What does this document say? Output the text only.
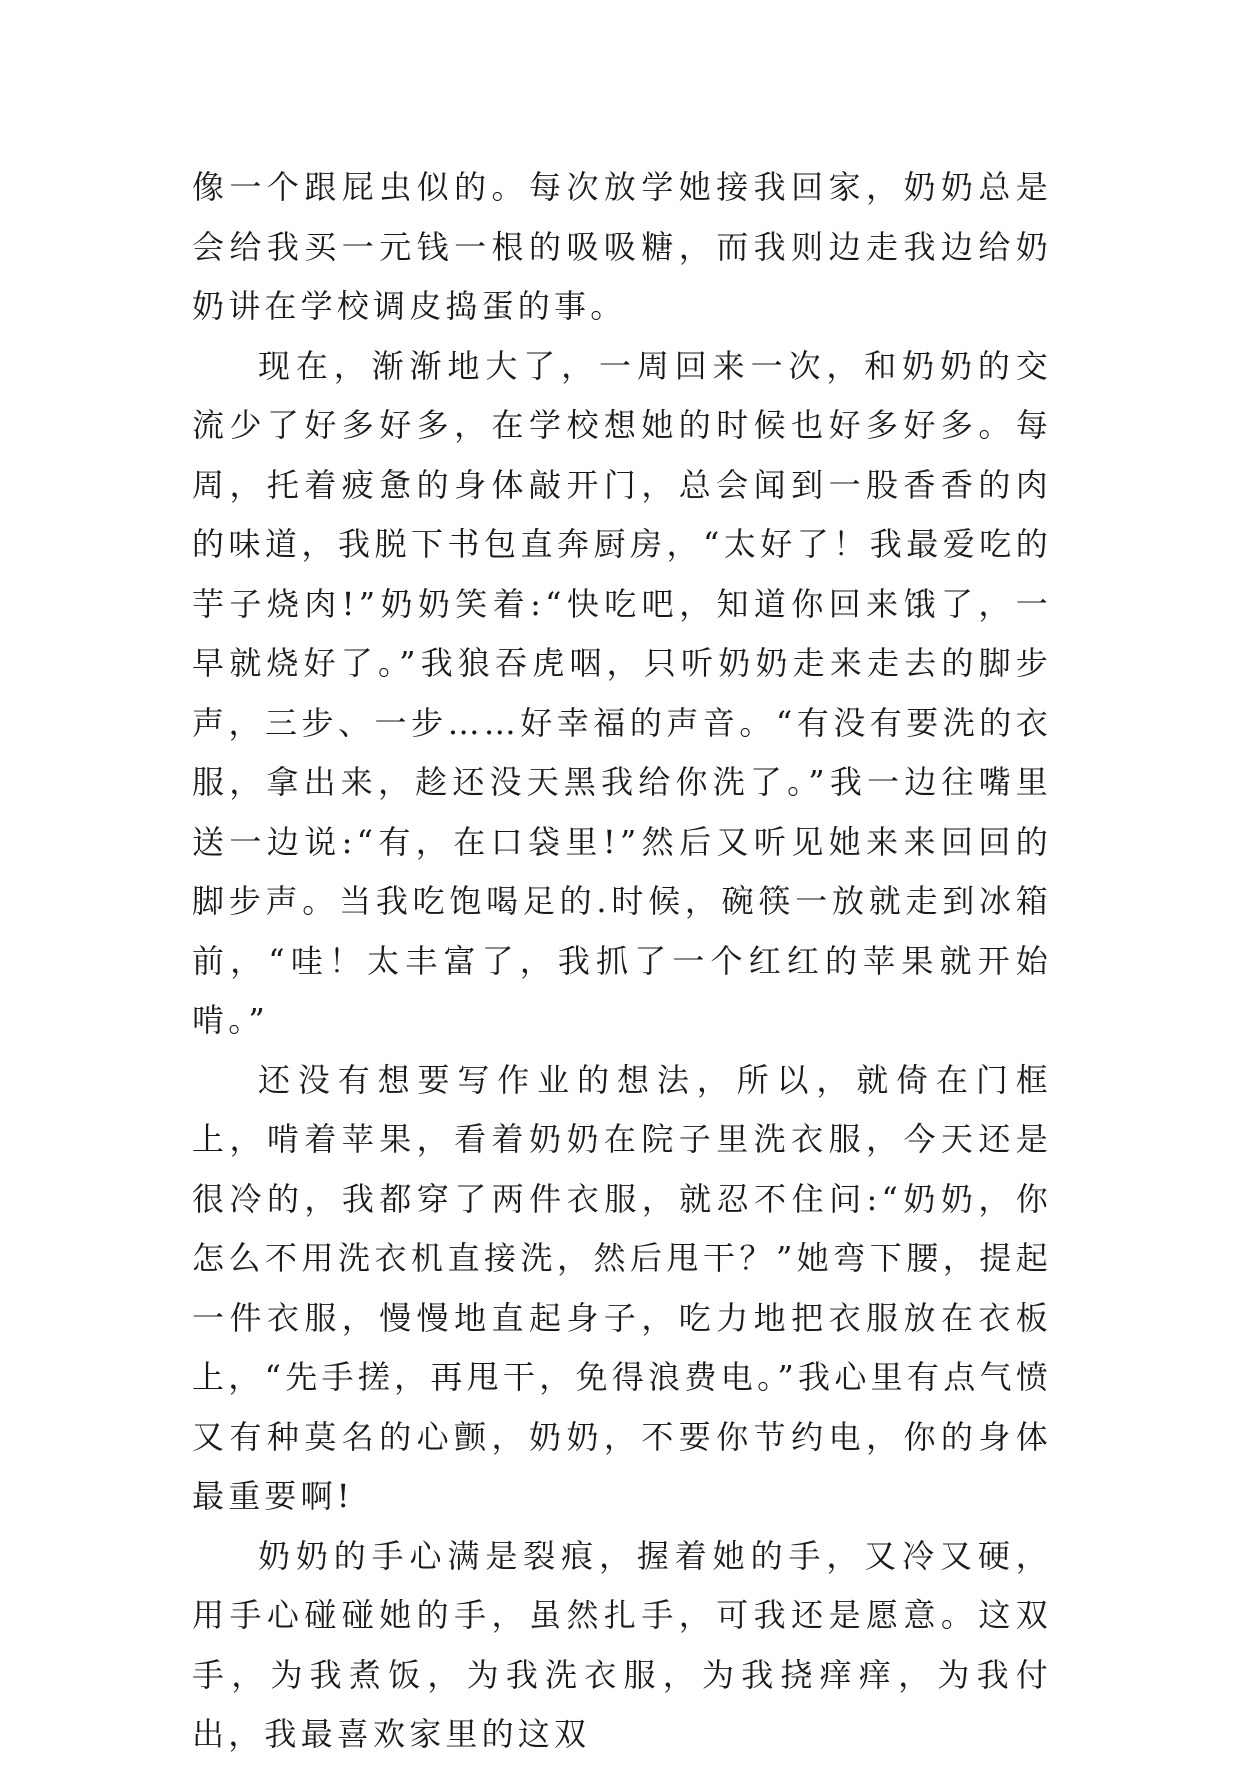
像一个跟屁虫似的。每次放学她接我回家，奶奶总是会给我买一元钱一根的吸吸糖，而我则边走我边给奶奶讲在学校调皮捣蛋的事。

现在，渐渐地大了，一周回来一次，和奶奶的交流少了好多好多，在学校想她的时候也好多好多。每周，托着疲惫的身体敲开门，总会闻到一股香香的肉的味道，我脱下书包直奔厨房，“太好了！我最爱吃的芋子烧肉!”奶奶笑着:“快吃吧，知道你回来饿了，一早就烧好了。”我狼吞虎咽，只听奶奶走来走去的脚步声，三步、一步……好幸福的声音。“有没有要洗的衣服，拿出来，趁还没天黑我给你洗了。”我一边往嘴里送一边说:“有，在口袋里!”然后又听见她来来回回的脚步声。当我吃饱喝足的.时候，碗筷一放就走到冰箱前，“哇！太丰富了，我抓了一个红红的苹果就开始啃。”

还没有想要写作业的想法，所以，就倚在门框上，啃着苹果，看着奶奶在院子里洗衣服，今天还是很冷的，我都穿了两件衣服，就忍不住问:“奶奶，你怎么不用洗衣机直接洗，然后甩干？”她弯下腰，提起一件衣服，慢慢地直起身子，吃力地把衣服放在衣板上，“先手搓，再甩干，免得浪费电。”我心里有点气愤又有种莫名的心颤，奶奶，不要你节约电，你的身体最重要啊!

奶奶的手心满是裂痕，握着她的手，又冷又硬，用手心碰碰她的手，虽然扎手，可我还是愿意。这双手，为我煮饭，为我洗衣服，为我挠痒痒，为我付出，我最喜欢家里的这双
